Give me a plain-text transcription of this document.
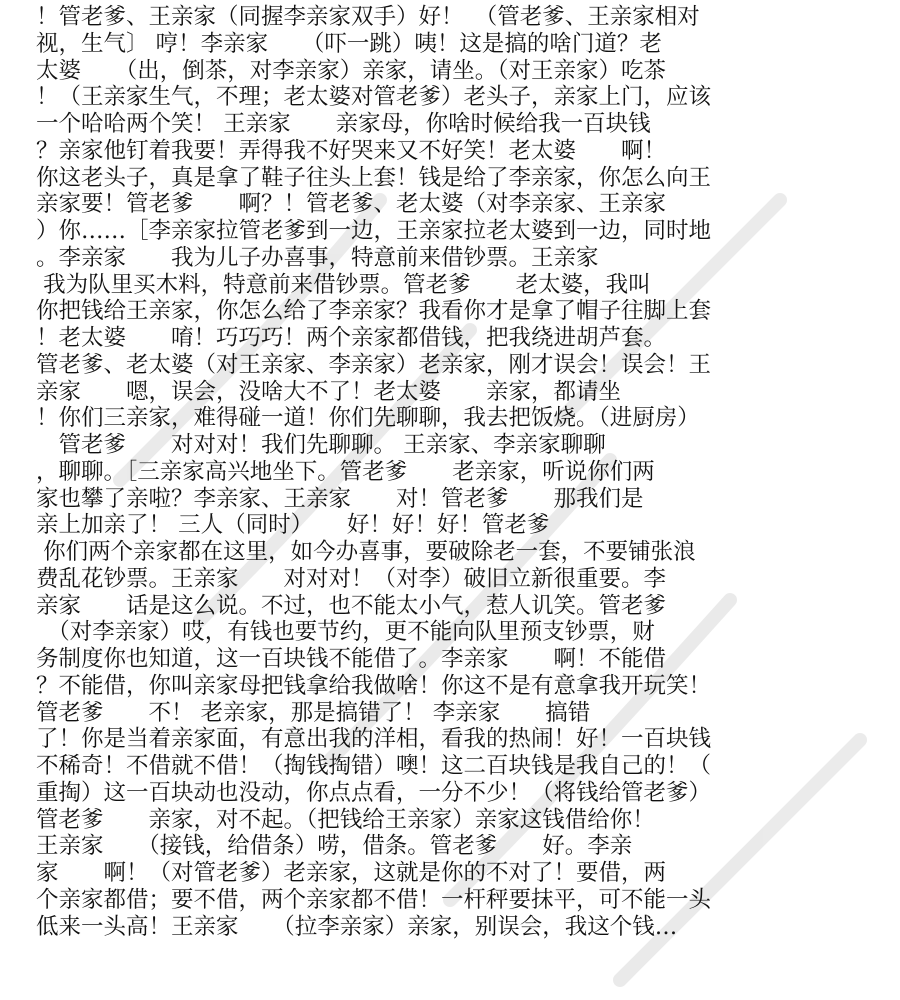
！管老爹、王亲家（同握李亲家双手）好！　（管老爹、王亲家相对
视，生气〕 哼！李亲家　　（吓一跳）咦！这是搞的啥门道？老
太婆　　（出，倒茶，对李亲家）亲家，请坐。（对王亲家）吃茶
！（王亲家生气，不理；老太婆对管老爹）老头子，亲家上门，应该
一个哈哈两个笑！ 王亲家　　亲家母，你啥时候给我一百块钱
？亲家他钉着我要！弄得我不好哭来又不好笑！老太婆　　啊！
你这老头子，真是拿了鞋子往头上套！钱是给了李亲家，你怎么向王
亲家要！管老爹　　啊？！管老爹、老太婆（对李亲家、王亲家
）你……［李亲家拉管老爹到一边，王亲家拉老太婆到一边，同时地
。李亲家　　我为儿子办喜事，特意前来借钞票。王亲家
我为队里买木料，特意前来借钞票。管老爹　　老太婆，我叫
你把钱给王亲家，你怎么给了李亲家？我看你才是拿了帽子往脚上套
！老太婆　　唷！巧巧巧！两个亲家都借钱，把我绕进胡芦套。
管老爹、老太婆（对王亲家、李亲家）老亲家，刚才误会！误会！王
亲家　　嗯，误会，没啥大不了！老太婆　　亲家，都请坐
！你们三亲家，难得碰一道！你们先聊聊，我去把饭烧。（进厨房）
　管老爹　　对对对！我们先聊聊。 王亲家、李亲家聊聊
，聊聊。［三亲家高兴地坐下。管老爹　　老亲家，听说你们两
家也攀了亲啦？李亲家、王亲家　　对！管老爹　　那我们是
亲上加亲了！ 三人（同时）　　好！好！好！管老爹
你们两个亲家都在这里，如今办喜事，要破除老一套，不要铺张浪
费乱花钞票。王亲家　　对对对！（对李）破旧立新很重要。李
亲家　　话是这么说。不过，也不能太小气，惹人讥笑。管老爹
　（对李亲家）哎，有钱也要节约，更不能向队里预支钞票，财
务制度你也知道，这一百块钱不能借了。李亲家　　啊！不能借
？不能借，你叫亲家母把钱拿给我做啥！你这不是有意拿我开玩笑！
管老爹　　不！ 老亲家，那是搞错了！ 李亲家　　搞错
了！你是当着亲家面，有意出我的洋相，看我的热闹！好！一百块钱
不稀奇！不借就不借！（掏钱掏错）噢！这二百块钱是我自己的！（
重掏）这一百块动也没动，你点点看，一分不少！（将钱给管老爹）
管老爹　　亲家，对不起。（把钱给王亲家）亲家这钱借给你！
王亲家　　（接钱，给借条）唠，借条。管老爹　　好。李亲
家　　啊！（对管老爹）老亲家，这就是你的不对了！要借，两
个亲家都借；要不借，两个亲家都不借！一杆秤要抹平，可不能一头
低来一头高！王亲家　　（拉李亲家）亲家，别误会，我这个钱…
